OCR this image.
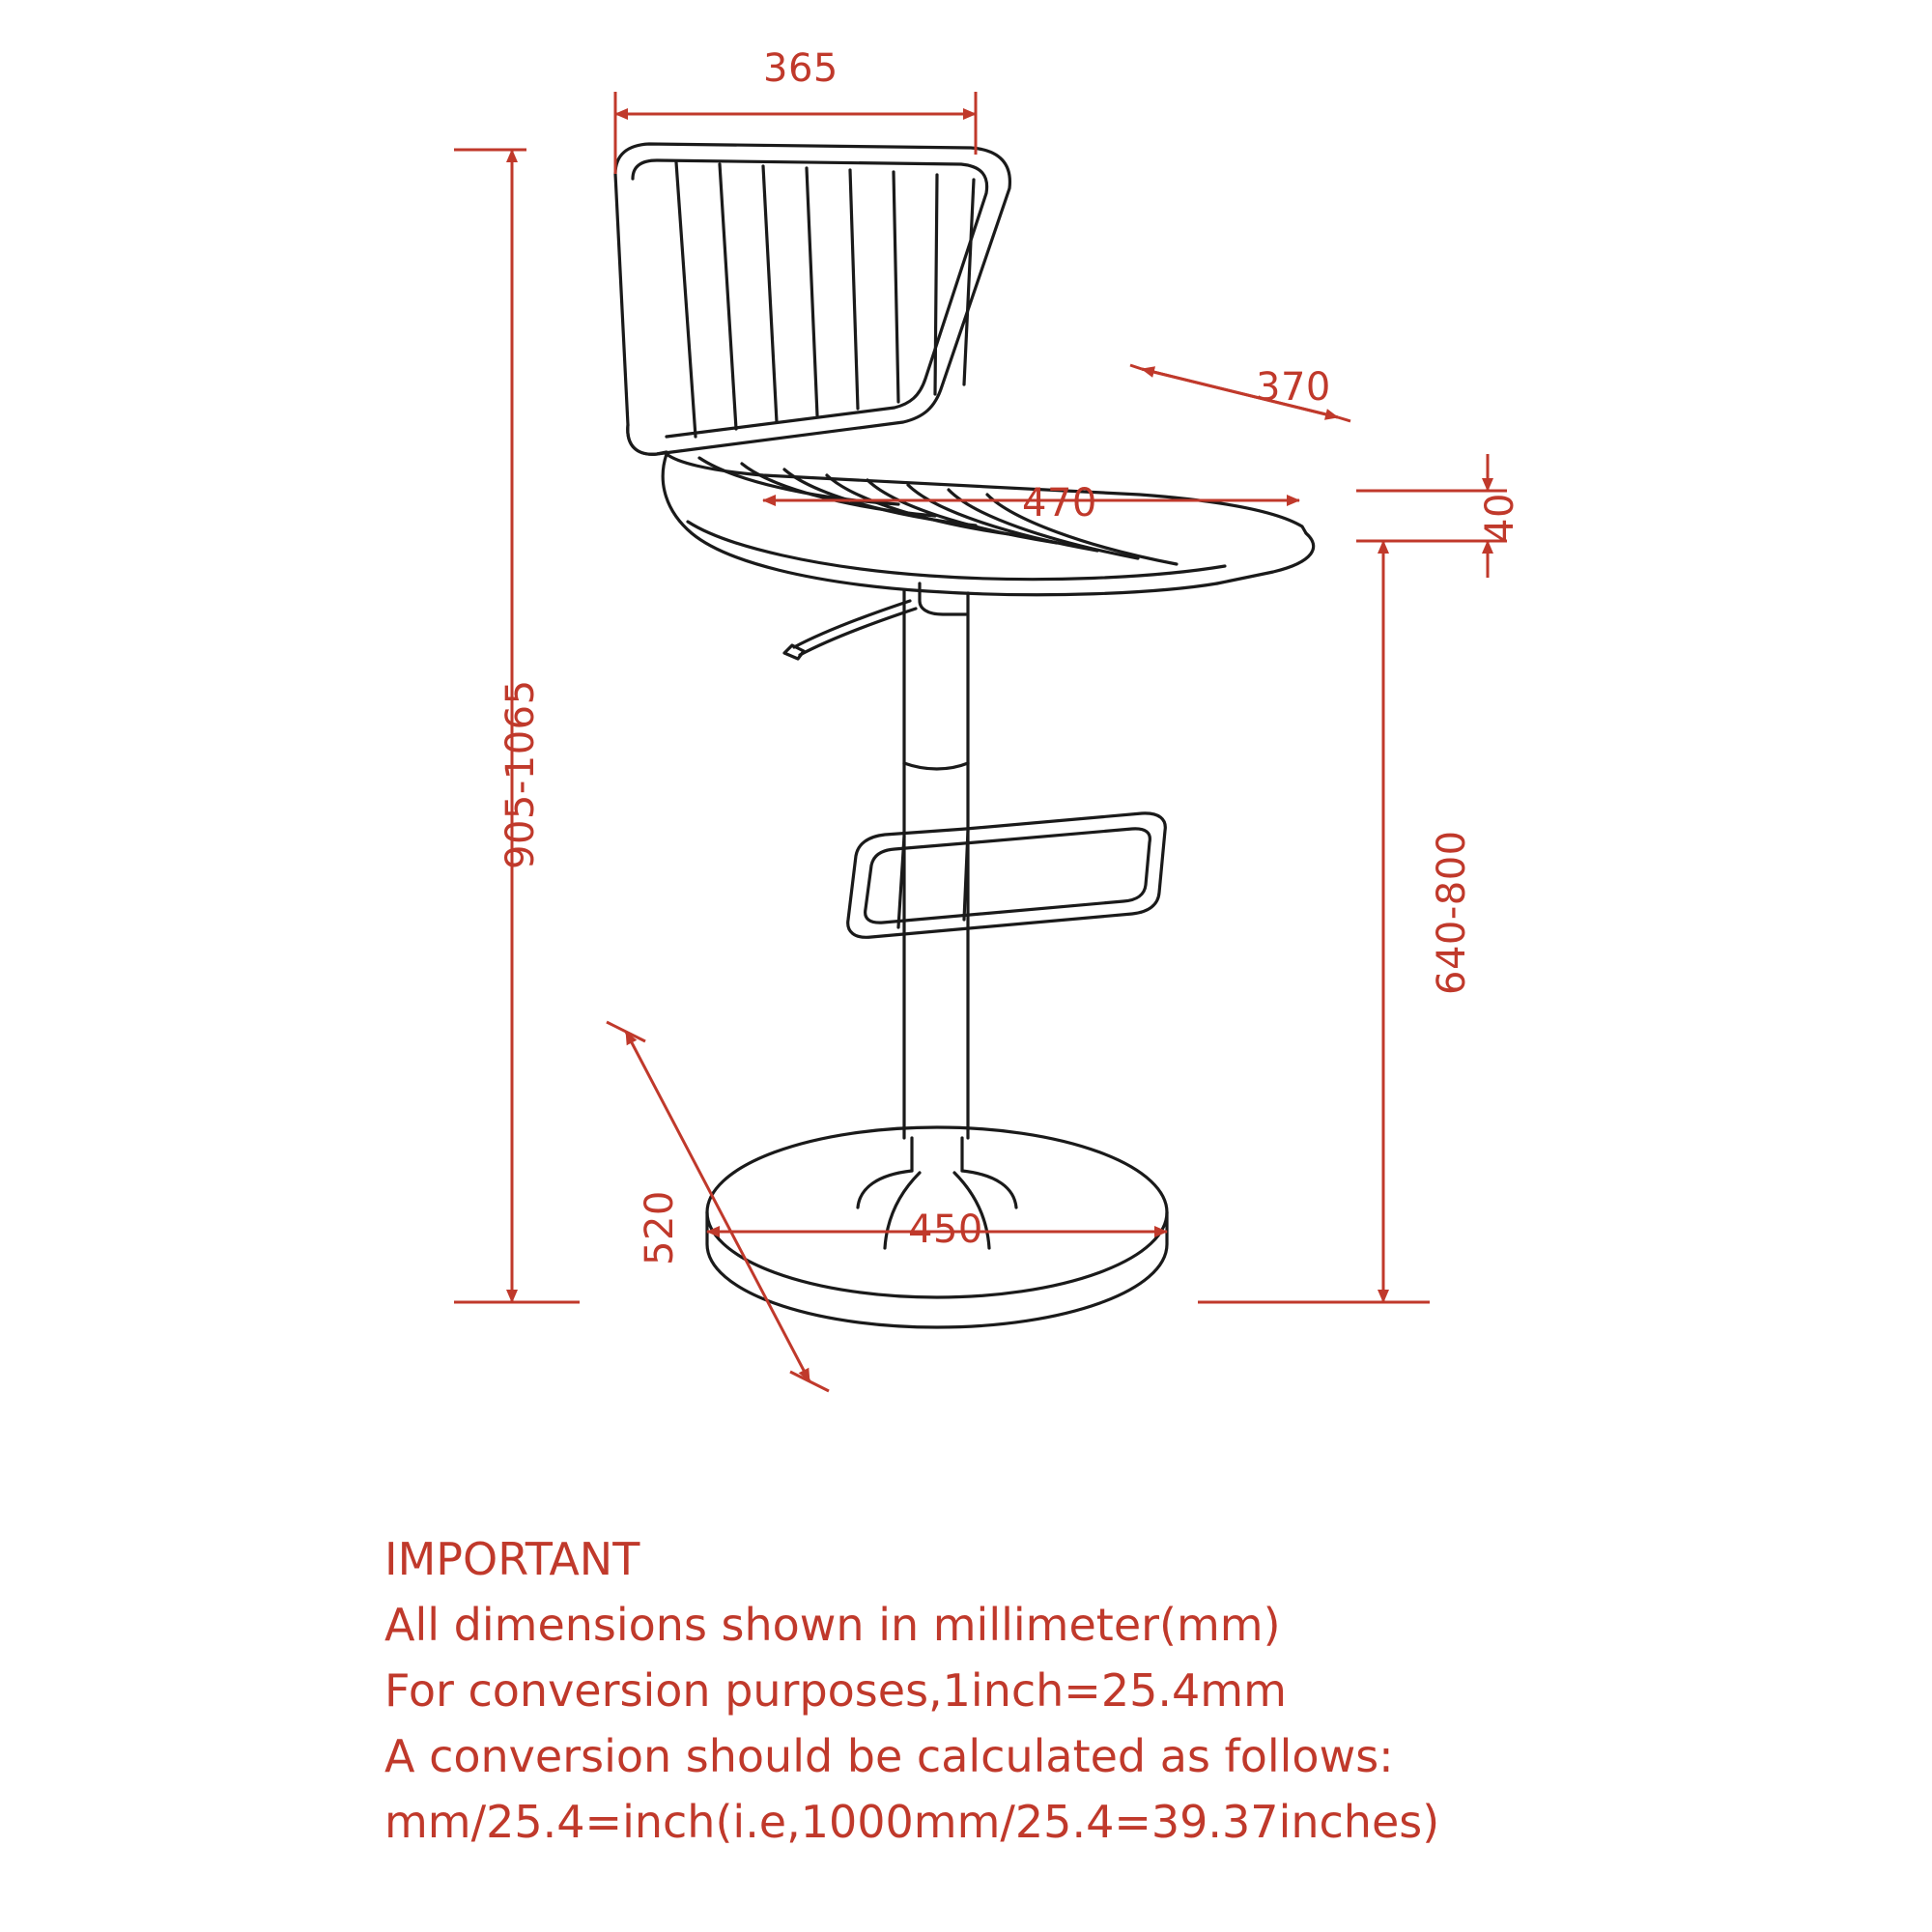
365
370
470	40
905-1065
640-800
450
520
IMPORTANT
All dimensions shown in millimeter(mm)
For conversion purposes,1inch=25.4mm
A conversion should be calculated as follows:
mm/25.4=inch(i.e,1000mm/25.4=39.37inches)
